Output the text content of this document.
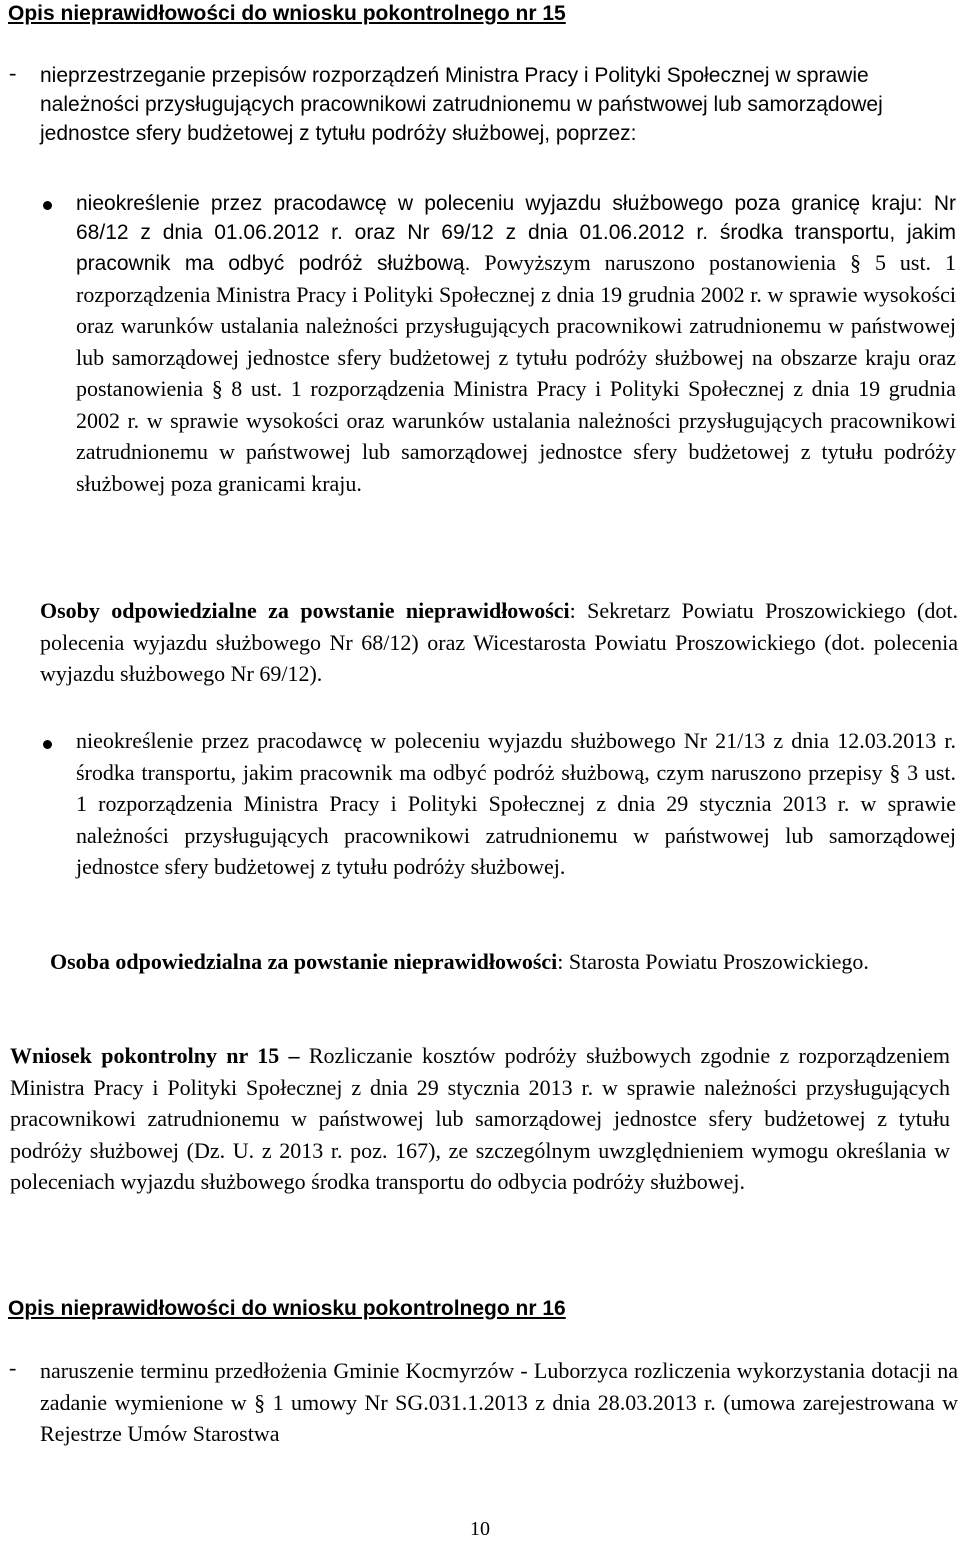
Opis nieprawidłowości do wniosku pokontrolnego nr 15
- nieprzestrzeganie przepisów rozporządzeń Ministra Pracy i Polityki Społecznej w sprawie należności przysługujących pracownikowi zatrudnionemu w państwowej lub samorządowej jednostce sfery budżetowej z tytułu podróży służbowej, poprzez:

nieokreślenie przez pracodawcę w poleceniu wyjazdu służbowego poza granicę kraju: Nr 68/12 z dnia 01.06.2012 r. oraz Nr 69/12 z dnia 01.06.2012 r. środka transportu, jakim pracownik ma odbyć podróż służbową. Powyższym naruszono postanowienia § 5 ust. 1 rozporządzenia Ministra Pracy i Polityki Społecznej z dnia 19 grudnia 2002 r. w sprawie wysokości oraz warunków ustalania należności przysługujących pracownikowi zatrudnionemu w państwowej lub samorządowej jednostce sfery budżetowej z tytułu podróży służbowej na obszarze kraju oraz postanowienia § 8 ust. 1 rozporządzenia Ministra Pracy i Polityki Społecznej z dnia 19 grudnia 2002 r. w sprawie wysokości oraz warunków ustalania należności przysługujących pracownikowi zatrudnionemu w państwowej lub samorządowej jednostce sfery budżetowej z tytułu podróży służbowej poza granicami kraju.

Osoby odpowiedzialne za powstanie nieprawidłowości: Sekretarz Powiatu Proszowickiego (dot. polecenia wyjazdu służbowego Nr 68/12) oraz Wicestarosta Powiatu Proszowickiego (dot. polecenia wyjazdu służbowego Nr 69/12).

nieokreślenie przez pracodawcę w poleceniu wyjazdu służbowego Nr 21/13 z dnia 12.03.2013 r. środka transportu, jakim pracownik ma odbyć podróż służbową, czym naruszono przepisy § 3 ust. 1 rozporządzenia Ministra Pracy i Polityki Społecznej z dnia 29 stycznia 2013 r. w sprawie należności przysługujących pracownikowi zatrudnionemu w państwowej lub samorządowej jednostce sfery budżetowej z tytułu podróży służbowej.

Osoba odpowiedzialna za powstanie nieprawidłowości: Starosta Powiatu Proszowickiego.

Wniosek pokontrolny nr 15 – Rozliczanie kosztów podróży służbowych zgodnie z rozporządzeniem Ministra Pracy i Polityki Społecznej z dnia 29 stycznia 2013 r. w sprawie należności przysługujących pracownikowi zatrudnionemu w państwowej lub samorządowej jednostce sfery budżetowej z tytułu podróży służbowej (Dz. U. z 2013 r. poz. 167), ze szczególnym uwzględnieniem wymogu określania w poleceniach wyjazdu służbowego środka transportu do odbycia podróży służbowej.

Opis nieprawidłowości do wniosku pokontrolnego nr 16
- naruszenie terminu przedłożenia Gminie Kocmyrzów - Luborzyca rozliczenia wykorzystania dotacji na zadanie wymienione w § 1 umowy Nr SG.031.1.2013 z dnia 28.03.2013 r. (umowa zarejestrowana w Rejestrze Umów Starostwa

10
